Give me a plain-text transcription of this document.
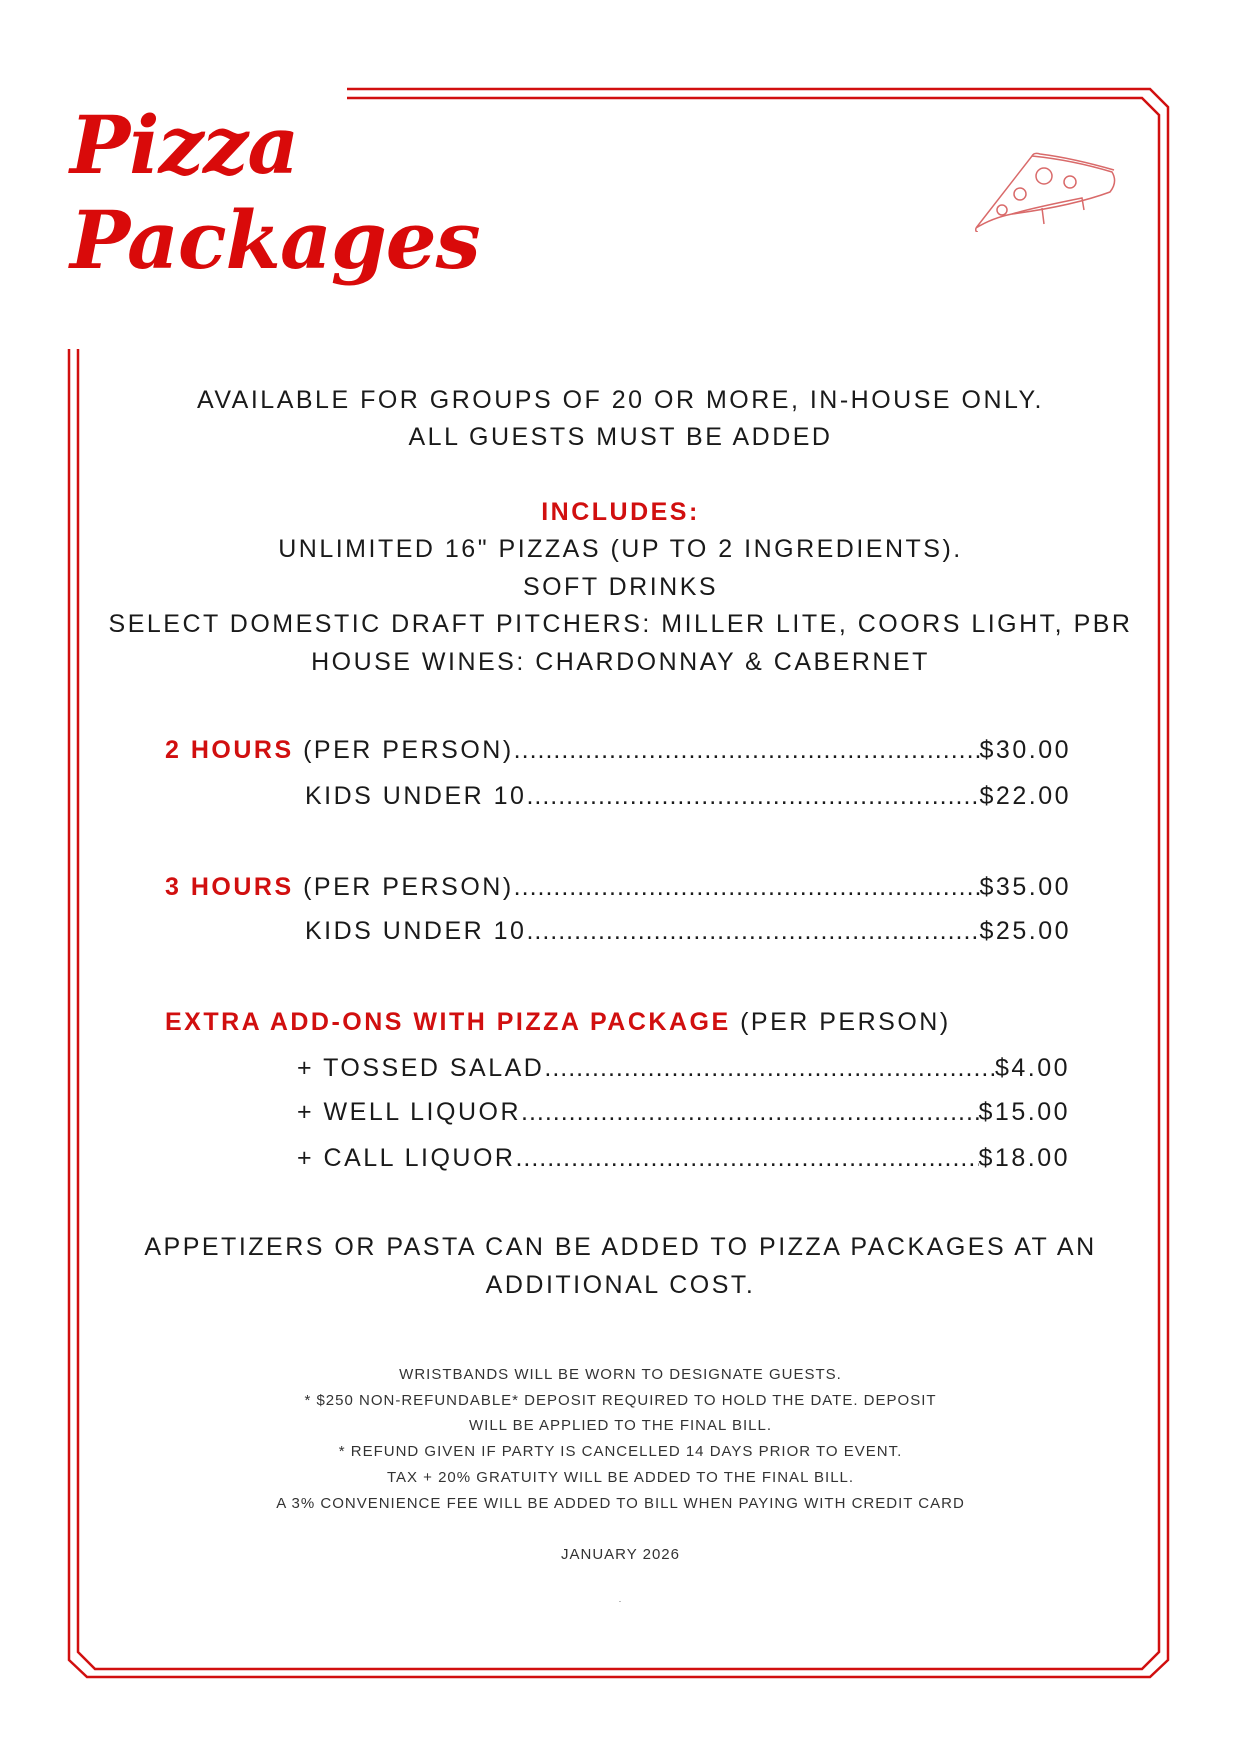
Pizza
Packages
AVAILABLE FOR GROUPS OF 20 OR MORE, IN-HOUSE ONLY.
ALL GUESTS MUST BE ADDED
INCLUDES:
UNLIMITED 16" PIZZAS (UP TO 2 INGREDIENTS).
SOFT DRINKS
SELECT DOMESTIC DRAFT PITCHERS: MILLER LITE, COORS LIGHT, PBR
HOUSE WINES: CHARDONNAY & CABERNET
2 HOURS (PER PERSON) .....	$30.00
KIDS UNDER 10 .....	$22.00
3 HOURS (PER PERSON) .....	$35.00
KIDS UNDER 10 .....	$25.00
EXTRA ADD-ONS WITH PIZZA PACKAGE (PER PERSON)
+ TOSSED SALAD .....	$4.00
+ WELL LIQUOR .....	$15.00
+ CALL LIQUOR .....	$18.00
APPETIZERS OR PASTA CAN BE ADDED TO PIZZA PACKAGES AT AN
ADDITIONAL COST.
WRISTBANDS WILL BE WORN TO DESIGNATE GUESTS.
* $250 NON-REFUNDABLE* DEPOSIT REQUIRED TO HOLD THE DATE. DEPOSIT
WILL BE APPLIED TO THE FINAL BILL.
* REFUND GIVEN IF PARTY IS CANCELLED 14 DAYS PRIOR TO EVENT.
TAX + 20% GRATUITY WILL BE ADDED TO THE FINAL BILL.
A 3% CONVENIENCE FEE WILL BE ADDED TO BILL WHEN PAYING WITH CREDIT CARD
JANUARY 2026
.
